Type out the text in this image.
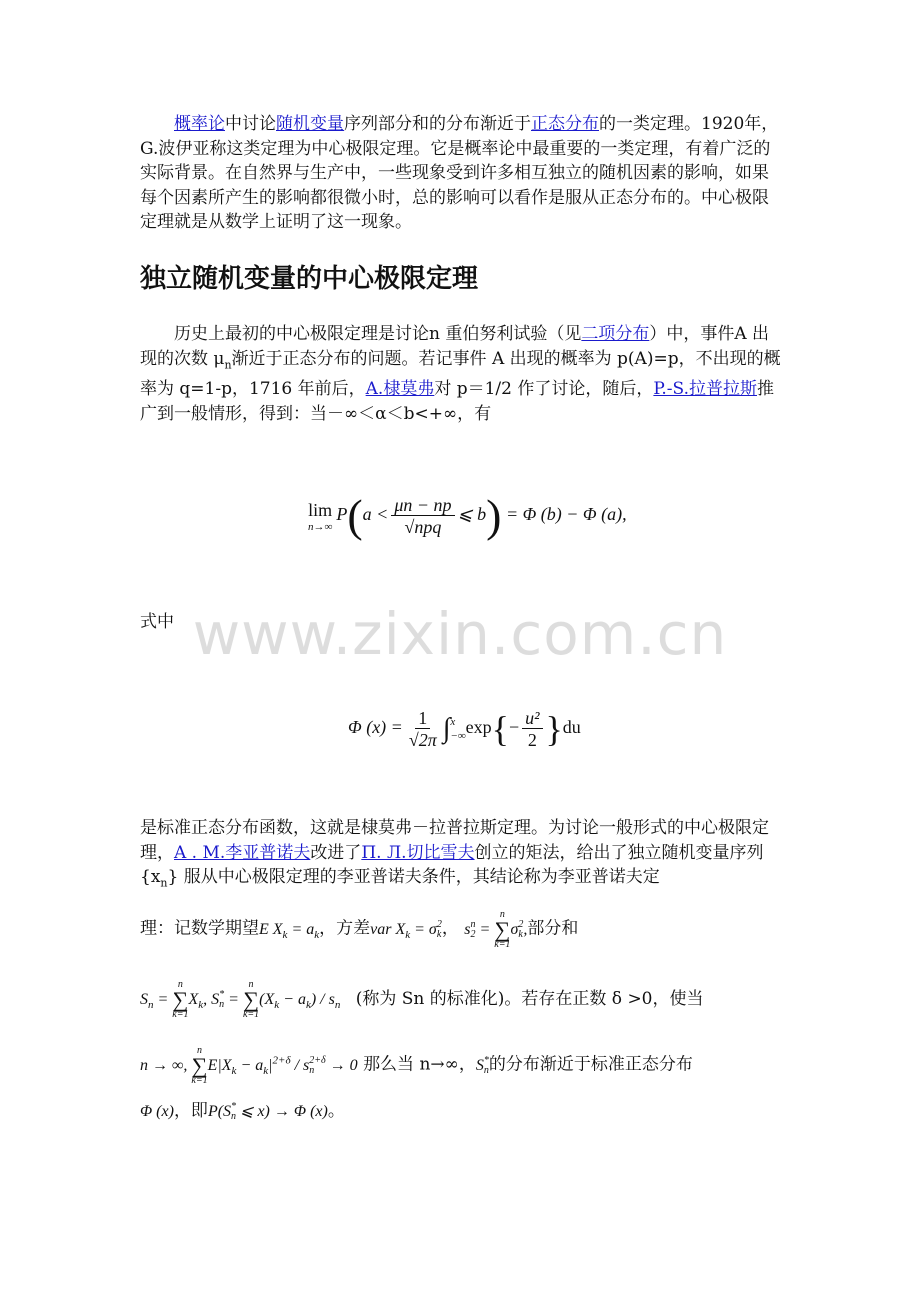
概率论中讨论随机变量序列部分和的分布渐近于正态分布的一类定理。1920年，G.波伊亚称这类定理为中心极限定理。它是概率论中最重要的一类定理，有着广泛的实际背景。在自然界与生产中，一些现象受到许多相互独立的随机因素的影响，如果每个因素所产生的影响都很微小时，总的影响可以看作是服从正态分布的。中心极限定理就是从数学上证明了这一现象。
独立随机变量的中心极限定理
历史上最初的中心极限定理是讨论n 重伯努利试验（见二项分布）中，事件A 出现的次数 $\mu_n$渐近于正态分布的问题。若记事件 A 出现的概率为 p(A)=p，不出现的概率为 q=1-p，1716 年前后，A.棣莫弗对 p＝1/2 作了讨论，随后，P.-S.拉普拉斯推广到一般情形，得到：当－∞＜α＜b<+∞，有
lim
n→∞
$P(a < \frac{\mu n - np}{\text{√npq}}$ ⩽ b) = Φ (b) − Φ (a),
式中 www.zixin.com.cn
Φ $(x) = \frac{1}{√2\pi}$ ∫ x
−∞ $\exp\{- \frac{\text{u²}}{2} \}du$
是标准正态分布函数，这就是棣莫弗－拉普拉斯定理。为讨论一般形式的中心极限定理，A . M.李亚普诺夫改进了П. Л.切比雪夫创立的矩法，给出了独立随机变量序列 $\{x_n\}$ 服从中心极限定理的李亚普诺夫条件，其结论称为李亚普诺夫定
理：记数学期望E $X_k = a_k$，方差var $X_k = \sigma$ 2
k ， s n
2 =
n
∑
k=1
σ 2
k ,部分和
$S_n$ =
n
∑
k=1
$X_k$, S *
n =
n
∑
k=1
$(X_k - a_k) / s_n$ (称为 Sn 的标准化)。若存在正数 δ >0，使当
n → ∞,
n
∑
k=1
$E|X_k - a_k|^{2+\delta} / s$ 2+δ
n → 0 那么当 n→∞，S *
n 的分布渐近于标准正态分布
Φ (x)，即P(S *
n ⩽ x) → Φ (x)。
